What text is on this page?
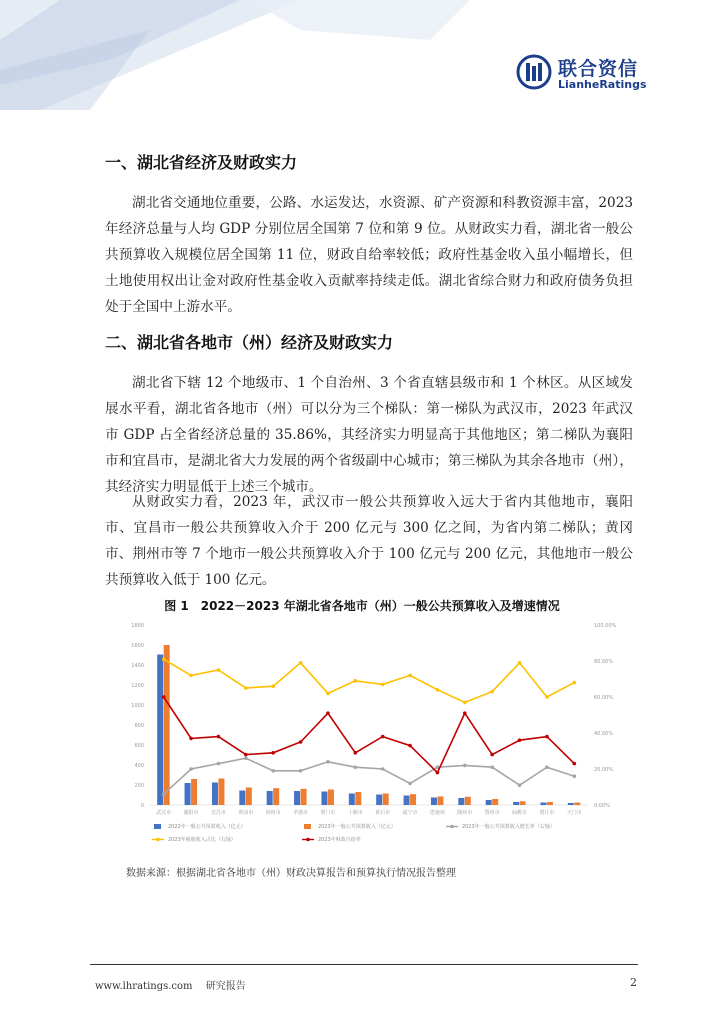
联合资信
LianheRatings
一、湖北省经济及财政实力

湖北省交通地位重要，公路、水运发达，水资源、矿产资源和科教资源丰富，2023年经济总量与人均 GDP 分别位居全国第 7 位和第 9 位。从财政实力看，湖北省一般公共预算收入规模位居全国第 11 位，财政自给率较低；政府性基金收入虽小幅增长，但土地使用权出让金对政府性基金收入贡献率持续走低。湖北省综合财力和政府债务负担处于全国中上游水平。

二、湖北省各地市（州）经济及财政实力

湖北省下辖 12 个地级市、1 个自治州、3 个省直辖县级市和 1 个林区。从区域发展水平看，湖北省各地市（州）可以分为三个梯队：第一梯队为武汉市，2023 年武汉市 GDP 占全省经济总量的 35.86%，其经济实力明显高于其他地区；第二梯队为襄阳市和宜昌市，是湖北省大力发展的两个省级副中心城市；第三梯队为其余各地市（州），其经济实力明显低于上述三个城市。

从财政实力看，2023 年，武汉市一般公共预算收入远大于省内其他地市，襄阳市、宜昌市一般公共预算收入介于 200 亿元与 300 亿之间，为省内第二梯队；黄冈市、荆州市等 7 个地市一般公共预算收入介于 100 亿元与 200 亿元，其他地市一般公共预算收入低于 100 亿元。

图 1　2022－2023 年湖北省各地市（州）一般公共预算收入及增速情况
0
200
400
600
800
1000
1200
1400
1600
1800
0.00%
20.00%
40.00%
60.00%
80.00%
100.00%
武汉市 襄阳市 宜昌市 黄冈市 荆州市 孝感市 荆门市 十堰市 黄石市 咸宁市 恩施州 随州市 鄂州市 仙桃市 潜江市 天门市
2022年一般公共预算收入（亿元）	2023年一般公共预算收入（亿元）	2023年一般公共预算收入增长率（右轴）
2023年税收收入占比（右轴）	2023年财政自给率
数据来源：根据湖北省各地市（州）财政决算报告和预算执行情况报告整理
www.lhratings.com 研究报告	2
